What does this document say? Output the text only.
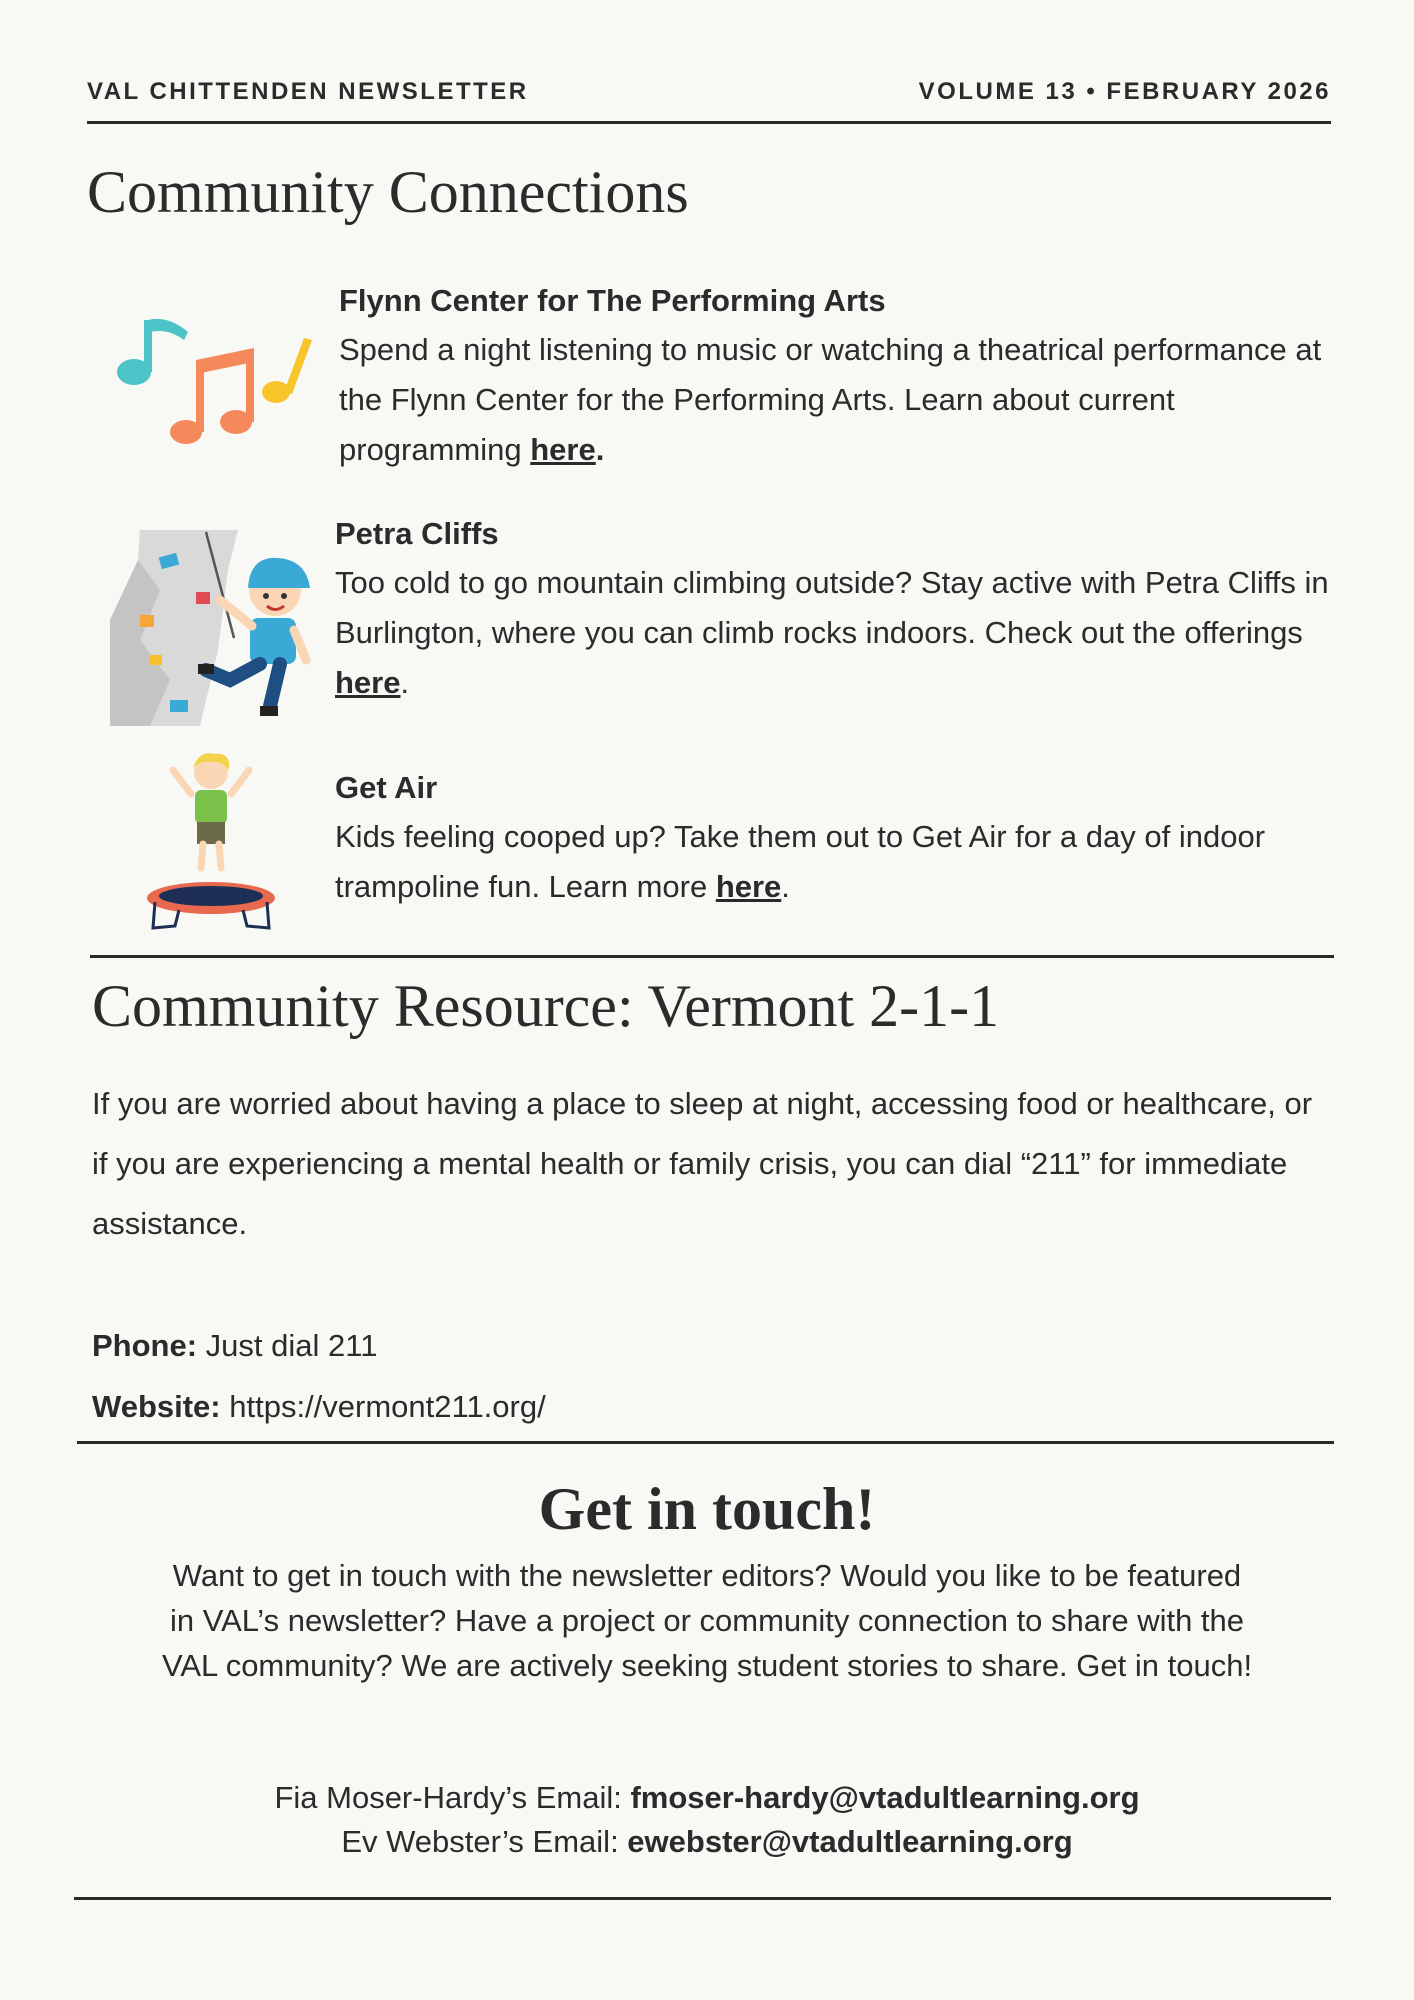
VAL CHITTENDEN NEWSLETTER	VOLUME 13 • FEBRUARY 2026
Community Connections

Flynn Center for The Performing Arts

Spend a night listening to music or watching a theatrical performance at the Flynn Center for the Performing Arts. Learn about current programming here.

Petra Cliffs

Too cold to go mountain climbing outside? Stay active with Petra Cliffs in Burlington, where you can climb rocks indoors. Check out the offerings here.

Get Air

Kids feeling cooped up? Take them out to Get Air for a day of indoor trampoline fun. Learn more here.

Community Resource: Vermont 2-1-1

If you are worried about having a place to sleep at night, accessing food or healthcare, or if you are experiencing a mental health or family crisis, you can dial “211” for immediate assistance.

Phone: Just dial 211

Website: https://vermont211.org/

Get in touch!

Want to get in touch with the newsletter editors? Would you like to be featured in VAL’s newsletter? Have a project or community connection to share with the VAL community? We are actively seeking student stories to share. Get in touch!

Fia Moser-Hardy’s Email: fmoser-hardy@vtadultlearning.org

Ev Webster’s Email: ewebster@vtadultlearning.org
